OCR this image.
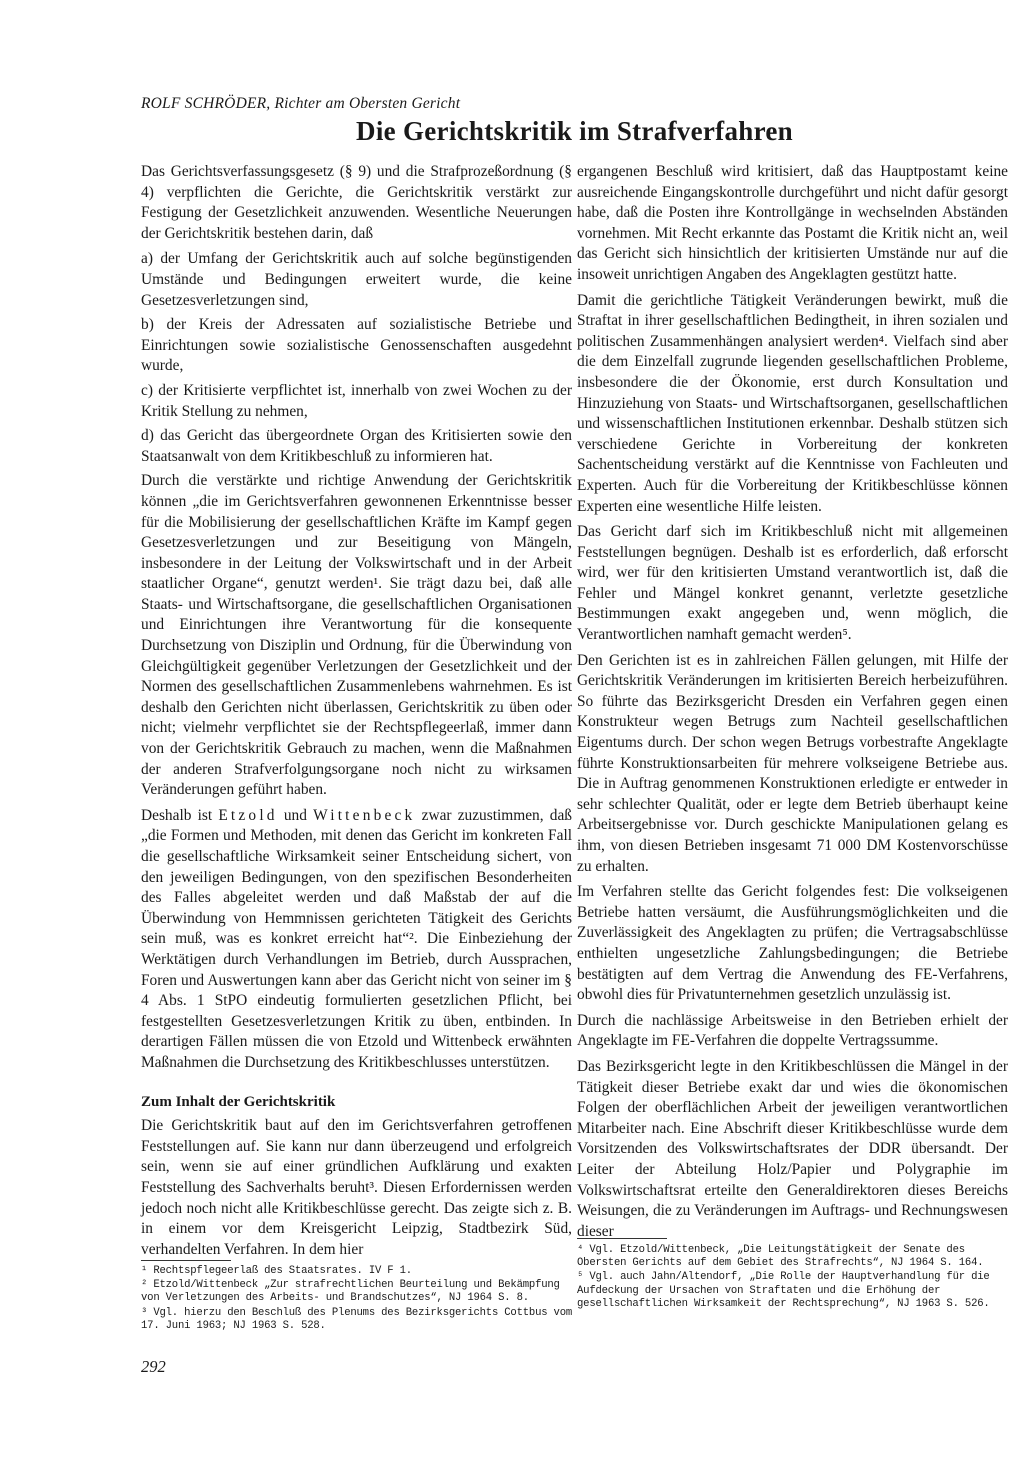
ROLF SCHRÖDER, Richter am Obersten Gericht
Die Gerichtskritik im Strafverfahren

Das Gerichtsverfassungsgesetz (§ 9) und die Strafprozeßordnung (§ 4) verpflichten die Gerichte, die Gerichtskritik verstärkt zur Festigung der Gesetzlichkeit anzuwenden. Wesentliche Neuerungen der Gerichtskritik bestehen darin, daß

a) der Umfang der Gerichtskritik auch auf solche begünstigenden Umstände und Bedingungen erweitert wurde, die keine Gesetzesverletzungen sind,

b) der Kreis der Adressaten auf sozialistische Betriebe und Einrichtungen sowie sozialistische Genossenschaften ausgedehnt wurde,

c) der Kritisierte verpflichtet ist, innerhalb von zwei Wochen zu der Kritik Stellung zu nehmen,

d) das Gericht das übergeordnete Organ des Kritisierten sowie den Staatsanwalt von dem Kritikbeschluß zu informieren hat.

Durch die verstärkte und richtige Anwendung der Gerichtskritik können „die im Gerichtsverfahren gewonnenen Erkenntnisse besser für die Mobilisierung der gesellschaftlichen Kräfte im Kampf gegen Gesetzesverletzungen und zur Beseitigung von Mängeln, insbesondere in der Leitung der Volkswirtschaft und in der Arbeit staatlicher Organe“, genutzt werden¹. Sie trägt dazu bei, daß alle Staats- und Wirtschaftsorgane, die gesellschaftlichen Organisationen und Einrichtungen ihre Verantwortung für die konsequente Durchsetzung von Disziplin und Ordnung, für die Überwindung von Gleichgültigkeit gegenüber Verletzungen der Gesetzlichkeit und der Normen des gesellschaftlichen Zusammenlebens wahrnehmen. Es ist deshalb den Gerichten nicht überlassen, Gerichtskritik zu üben oder nicht; vielmehr verpflichtet sie der Rechtspflegeerlaß, immer dann von der Gerichtskritik Gebrauch zu machen, wenn die Maßnahmen der anderen Strafverfolgungsorgane noch nicht zu wirksamen Veränderungen geführt haben.

Deshalb ist Etzold und Wittenbeck zwar zuzustimmen, daß „die Formen und Methoden, mit denen das Gericht im konkreten Fall die gesellschaftliche Wirksamkeit seiner Entscheidung sichert, von den jeweiligen Bedingungen, von den spezifischen Besonderheiten des Falles abgeleitet werden und daß Maßstab der auf die Überwindung von Hemmnissen gerichteten Tätigkeit des Gerichts sein muß, was es konkret erreicht hat“². Die Einbeziehung der Werktätigen durch Verhandlungen im Betrieb, durch Aussprachen, Foren und Auswertungen kann aber das Gericht nicht von seiner im § 4 Abs. 1 StPO eindeutig formulierten gesetzlichen Pflicht, bei festgestellten Gesetzesverletzungen Kritik zu üben, entbinden. In derartigen Fällen müssen die von Etzold und Wittenbeck erwähnten Maßnahmen die Durchsetzung des Kritikbeschlusses unterstützen.

Zum Inhalt der Gerichtskritik

Die Gerichtskritik baut auf den im Gerichtsverfahren getroffenen Feststellungen auf. Sie kann nur dann überzeugend und erfolgreich sein, wenn sie auf einer gründlichen Aufklärung und exakten Feststellung des Sachverhalts beruht³. Diesen Erfordernissen werden jedoch noch nicht alle Kritikbeschlüsse gerecht. Das zeigte sich z. B. in einem vor dem Kreisgericht Leipzig, Stadtbezirk Süd, verhandelten Verfahren. In dem hier

ergangenen Beschluß wird kritisiert, daß das Hauptpostamt keine ausreichende Eingangskontrolle durchgeführt und nicht dafür gesorgt habe, daß die Posten ihre Kontrollgänge in wechselnden Abständen vornehmen. Mit Recht erkannte das Postamt die Kritik nicht an, weil das Gericht sich hinsichtlich der kritisierten Umstände nur auf die insoweit unrichtigen Angaben des Angeklagten gestützt hatte.

Damit die gerichtliche Tätigkeit Veränderungen bewirkt, muß die Straftat in ihrer gesellschaftlichen Bedingtheit, in ihren sozialen und politischen Zusammenhängen analysiert werden⁴. Vielfach sind aber die dem Einzelfall zugrunde liegenden gesellschaftlichen Probleme, insbesondere die der Ökonomie, erst durch Konsultation und Hinzuziehung von Staats- und Wirtschaftsorganen, gesellschaftlichen und wissenschaftlichen Institutionen erkennbar. Deshalb stützen sich verschiedene Gerichte in Vorbereitung der konkreten Sachentscheidung verstärkt auf die Kenntnisse von Fachleuten und Experten. Auch für die Vorbereitung der Kritikbeschlüsse können Experten eine wesentliche Hilfe leisten.

Das Gericht darf sich im Kritikbeschluß nicht mit allgemeinen Feststellungen begnügen. Deshalb ist es erforderlich, daß erforscht wird, wer für den kritisierten Umstand verantwortlich ist, daß die Fehler und Mängel konkret genannt, verletzte gesetzliche Bestimmungen exakt angegeben und, wenn möglich, die Verantwortlichen namhaft gemacht werden⁵.

Den Gerichten ist es in zahlreichen Fällen gelungen, mit Hilfe der Gerichtskritik Veränderungen im kritisierten Bereich herbeizuführen. So führte das Bezirksgericht Dresden ein Verfahren gegen einen Konstrukteur wegen Betrugs zum Nachteil gesellschaftlichen Eigentums durch. Der schon wegen Betrugs vorbestrafte Angeklagte führte Konstruktionsarbeiten für mehrere volkseigene Betriebe aus. Die in Auftrag genommenen Konstruktionen erledigte er entweder in sehr schlechter Qualität, oder er legte dem Betrieb überhaupt keine Arbeitsergebnisse vor. Durch geschickte Manipulationen gelang es ihm, von diesen Betrieben insgesamt 71 000 DM Kostenvorschüsse zu erhalten.

Im Verfahren stellte das Gericht folgendes fest: Die volkseigenen Betriebe hatten versäumt, die Ausführungsmöglichkeiten und die Zuverlässigkeit des Angeklagten zu prüfen; die Vertragsabschlüsse enthielten ungesetzliche Zahlungsbedingungen; die Betriebe bestätigten auf dem Vertrag die Anwendung des FE-Verfahrens, obwohl dies für Privatunternehmen gesetzlich unzulässig ist.

Durch die nachlässige Arbeitsweise in den Betrieben erhielt der Angeklagte im FE-Verfahren die doppelte Vertragssumme.

Das Bezirksgericht legte in den Kritikbeschlüssen die Mängel in der Tätigkeit dieser Betriebe exakt dar und wies die ökonomischen Folgen der oberflächlichen Arbeit der jeweiligen verantwortlichen Mitarbeiter nach. Eine Abschrift dieser Kritikbeschlüsse wurde dem Vorsitzenden des Volkswirtschaftsrates der DDR übersandt. Der Leiter der Abteilung Holz/Papier und Polygraphie im Volkswirtschaftsrat erteilte den Generaldirektoren dieses Bereichs Weisungen, die zu Veränderungen im Auftrags- und Rechnungswesen dieser

¹ Rechtspflegeerlaß des Staatsrates. IV F 1.

² Etzold/Wittenbeck „Zur strafrechtlichen Beurteilung und Bekämpfung von Verletzungen des Arbeits- und Brandschutzes“, NJ 1964 S. 8.

³ Vgl. hierzu den Beschluß des Plenums des Bezirksgerichts Cottbus vom 17. Juni 1963; NJ 1963 S. 528.

⁴ Vgl. Etzold/Wittenbeck, „Die Leitungstätigkeit der Senate des Obersten Gerichts auf dem Gebiet des Strafrechts“, NJ 1964 S. 164.

⁵ Vgl. auch Jahn/Altendorf, „Die Rolle der Hauptverhandlung für die Aufdeckung der Ursachen von Straftaten und die Erhöhung der gesellschaftlichen Wirksamkeit der Rechtsprechung“, NJ 1963 S. 526.

292
